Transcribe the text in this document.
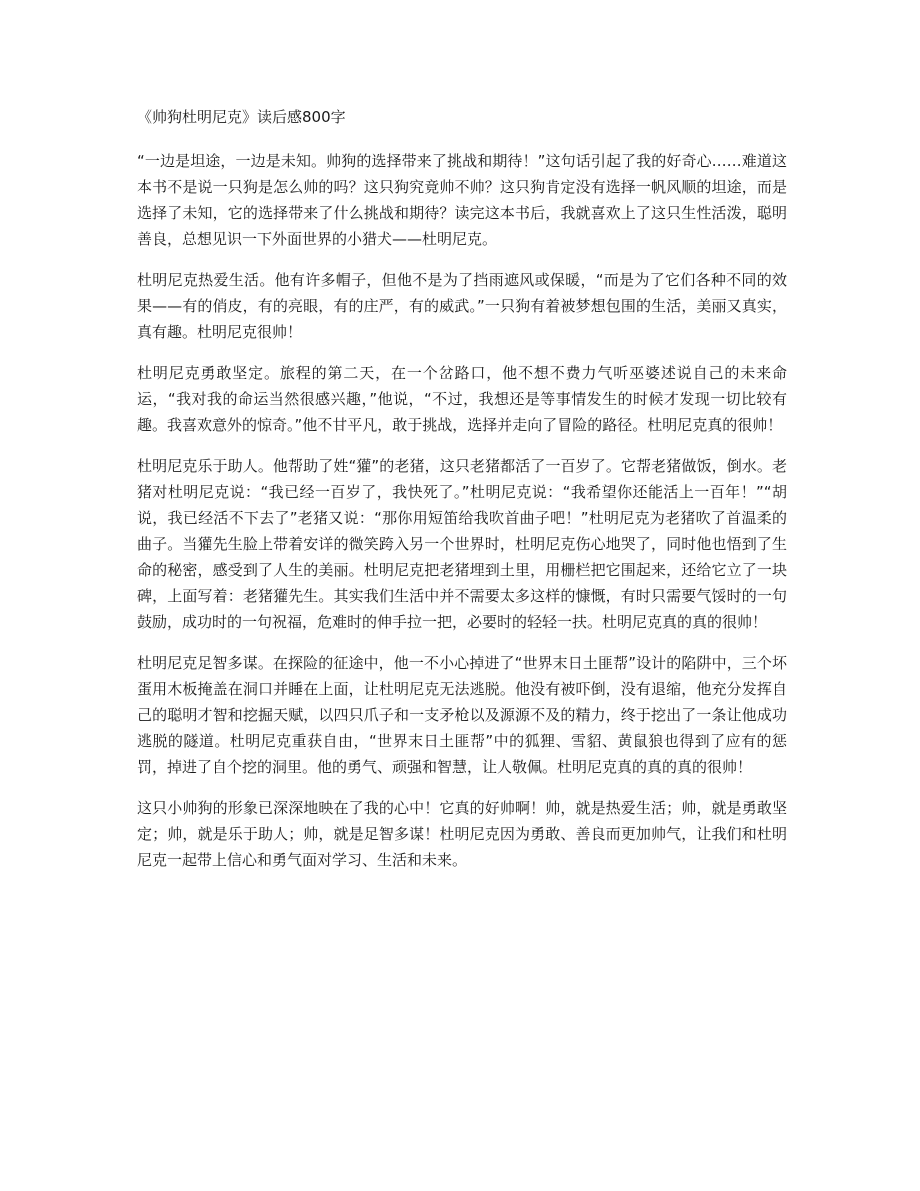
《帅狗杜明尼克》读后感800字

“一边是坦途，一边是未知。帅狗的选择带来了挑战和期待！”这句话引起了我的好奇心……难道这本书不是说一只狗是怎么帅的吗？这只狗究竟帅不帅？这只狗肯定没有选择一帆风顺的坦途，而是选择了未知，它的选择带来了什么挑战和期待？读完这本书后，我就喜欢上了这只生性活泼，聪明善良，总想见识一下外面世界的小猎犬——杜明尼克。

杜明尼克热爱生活。他有许多帽子，但他不是为了挡雨遮风或保暖，“而是为了它们各种不同的效果——有的俏皮，有的亮眼，有的庄严，有的威武。”一只狗有着被梦想包围的生活，美丽又真实，真有趣。杜明尼克很帅！

杜明尼克勇敢坚定。旅程的第二天，在一个岔路口，他不想不费力气听巫婆述说自己的未来命运，“我对我的命运当然很感兴趣，”他说，“不过，我想还是等事情发生的时候才发现一切比较有趣。我喜欢意外的惊奇。”他不甘平凡，敢于挑战，选择并走向了冒险的路径。杜明尼克真的很帅！

杜明尼克乐于助人。他帮助了姓“獾”的老猪，这只老猪都活了一百岁了。它帮老猪做饭，倒水。老猪对杜明尼克说：“我已经一百岁了，我快死了。”杜明尼克说：“我希望你还能活上一百年！”“胡说，我已经活不下去了”老猪又说：“那你用短笛给我吹首曲子吧！”杜明尼克为老猪吹了首温柔的曲子。当獾先生脸上带着安详的微笑跨入另一个世界时，杜明尼克伤心地哭了，同时他也悟到了生命的秘密，感受到了人生的美丽。杜明尼克把老猪埋到土里，用栅栏把它围起来，还给它立了一块碑，上面写着：老猪獾先生。其实我们生活中并不需要太多这样的慷慨，有时只需要气馁时的一句鼓励，成功时的一句祝福，危难时的伸手拉一把，必要时的轻轻一扶。杜明尼克真的真的很帅！

杜明尼克足智多谋。在探险的征途中，他一不小心掉进了“世界末日土匪帮”设计的陷阱中，三个坏蛋用木板掩盖在洞口并睡在上面，让杜明尼克无法逃脱。他没有被吓倒，没有退缩，他充分发挥自己的聪明才智和挖掘天赋，以四只爪子和一支矛枪以及源源不及的精力，终于挖出了一条让他成功逃脱的隧道。杜明尼克重获自由，“世界末日土匪帮”中的狐狸、雪貂、黄鼠狼也得到了应有的惩罚，掉进了自个挖的洞里。他的勇气、顽强和智慧，让人敬佩。杜明尼克真的真的真的很帅！

这只小帅狗的形象已深深地映在了我的心中！它真的好帅啊！帅，就是热爱生活；帅，就是勇敢坚定；帅，就是乐于助人；帅，就是足智多谋！杜明尼克因为勇敢、善良而更加帅气，让我们和杜明尼克一起带上信心和勇气面对学习、生活和未来。
